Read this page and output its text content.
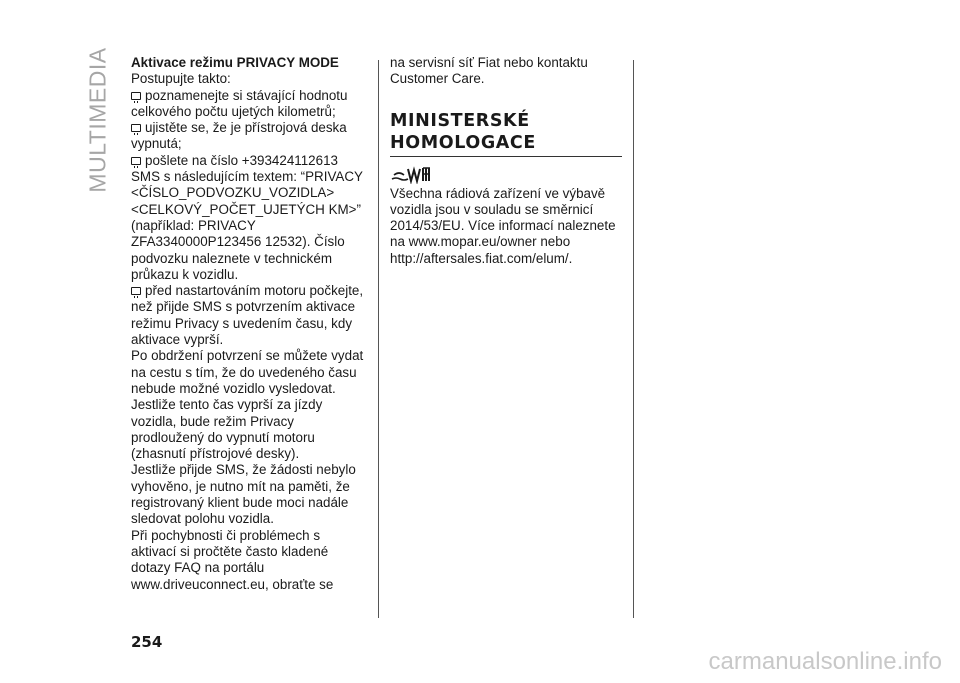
MULTIMEDIA Aktivace režimu PRIVACY MODE

Postupujte takto:

poznamenejte si stávající hodnotu celkového počtu ujetých kilometrů;

ujistěte se, že je přístrojová deska vypnutá;

pošlete na číslo +393424112613 SMS s následujícím textem: “PRIVACY <ČÍSLO_PODVOZKU_VOZIDLA> <CELKOVÝ_POČET_UJETÝCH KM>” (například: PRIVACY ZFA3340000P123456 12532). Číslo podvozku naleznete v technickém průkazu k vozidlu.

před nastartováním motoru počkejte, než přijde SMS s potvrzením aktivace režimu Privacy s uvedením času, kdy aktivace vyprší.

Po obdržení potvrzení se můžete vydat na cestu s tím, že do uvedeného času nebude možné vozidlo vysledovat. Jestliže tento čas vyprší za jízdy vozidla, bude režim Privacy prodloužený do vypnutí motoru (zhasnutí přístrojové desky).

Jestliže přijde SMS, že žádosti nebylo vyhověno, je nutno mít na paměti, že registrovaný klient bude moci nadále sledovat polohu vozidla.

Při pochybnosti či problémech s aktivací si pročtěte často kladené dotazy FAQ na portálu www.driveuconnect.eu, obraťte se

na servisní síť Fiat nebo kontaktu Customer Care.

MINISTERSKÉ
HOMOLOGACE

Všechna rádiová zařízení ve výbavě vozidla jsou v souladu se směrnicí 2014/53/EU. Více informací naleznete na www.mopar.eu/owner nebo http://aftersales.fiat.com/elum/.

254
carmanualsonline.info
